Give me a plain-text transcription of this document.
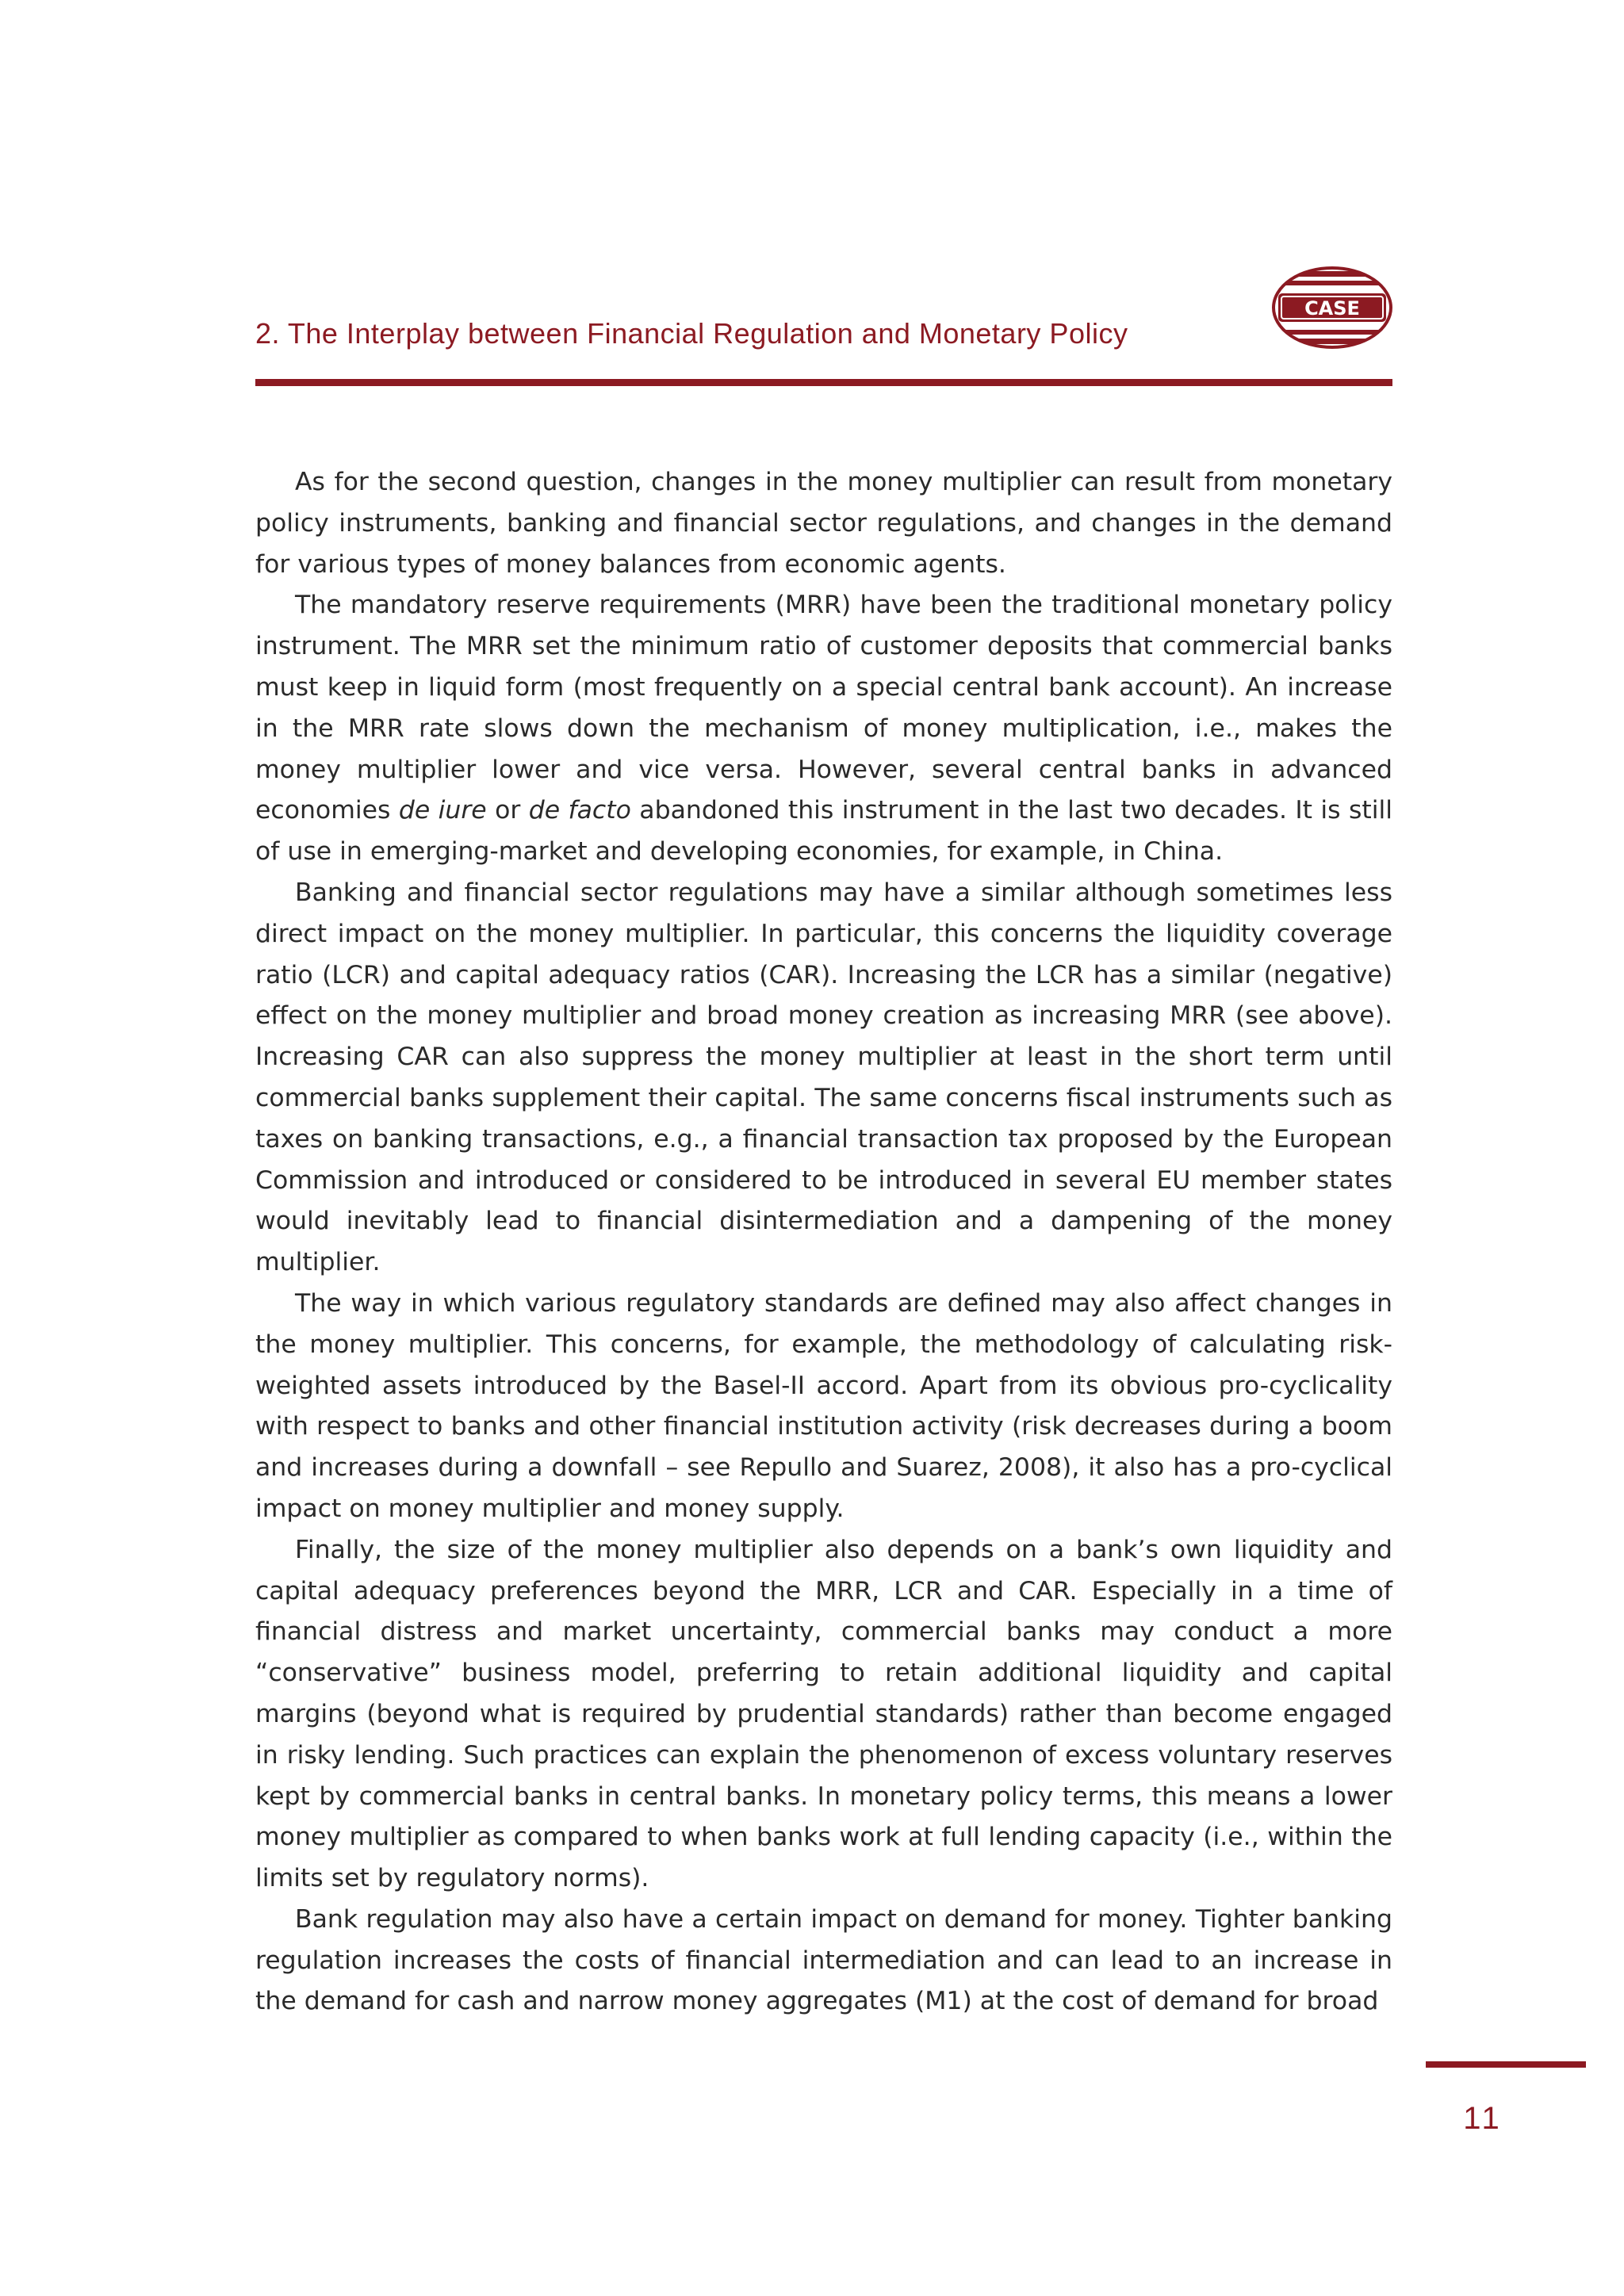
2. The Interplay between Financial Regulation and Monetary Policy
CASE

As for the second question, changes in the money multiplier can result from monetary policy instruments, banking and financial sector regulations, and changes in the demand for various types of money balances from economic agents.

The mandatory reserve requirements (MRR) have been the traditional monetary policy instrument. The MRR set the minimum ratio of customer deposits that commercial banks must keep in liquid form (most frequently on a special central bank account). An increase in the MRR rate slows down the mechanism of money multiplication, i.e., makes the money multiplier lower and vice versa. However, several central banks in advanced economies de iure or de facto abandoned this instrument in the last two decades. It is still of use in emerging-market and developing economies, for example, in China.

Banking and financial sector regulations may have a similar although sometimes less direct impact on the money multiplier. In particular, this concerns the liquidity coverage ratio (LCR) and capital adequacy ratios (CAR). Increasing the LCR has a similar (negative) effect on the money multiplier and broad money creation as increasing MRR (see above). Increasing CAR can also suppress the money multiplier at least in the short term until commercial banks supplement their capital. The same concerns fiscal instruments such as taxes on banking transactions, e.g., a financial transaction tax proposed by the European Commission and introduced or considered to be introduced in several EU member states would inevitably lead to financial disintermediation and a dampening of the money multiplier.

The way in which various regulatory standards are defined may also affect changes in the money multiplier. This concerns, for example, the methodology of calculating risk-weighted assets introduced by the Basel-II accord. Apart from its obvious pro-cyclicality with respect to banks and other financial institution activity (risk decreases during a boom and increases during a downfall – see Repullo and Suarez, 2008), it also has a pro-cyclical impact on money multiplier and money supply.

Finally, the size of the money multiplier also depends on a bank’s own liquidity and capital adequacy preferences beyond the MRR, LCR and CAR. Especially in a time of financial distress and market uncertainty, commercial banks may conduct a more “conservative” business model, preferring to retain additional liquidity and capital margins (beyond what is required by prudential standards) rather than become engaged in risky lending. Such practices can explain the phenomenon of excess voluntary reserves kept by commercial banks in central banks. In monetary policy terms, this means a lower money multiplier as compared to when banks work at full lending capacity (i.e., within the limits set by regulatory norms).

Bank regulation may also have a certain impact on demand for money. Tighter banking regulation increases the costs of financial intermediation and can lead to an increase in the demand for cash and narrow money aggregates (M1) at the cost of demand for broad

11
